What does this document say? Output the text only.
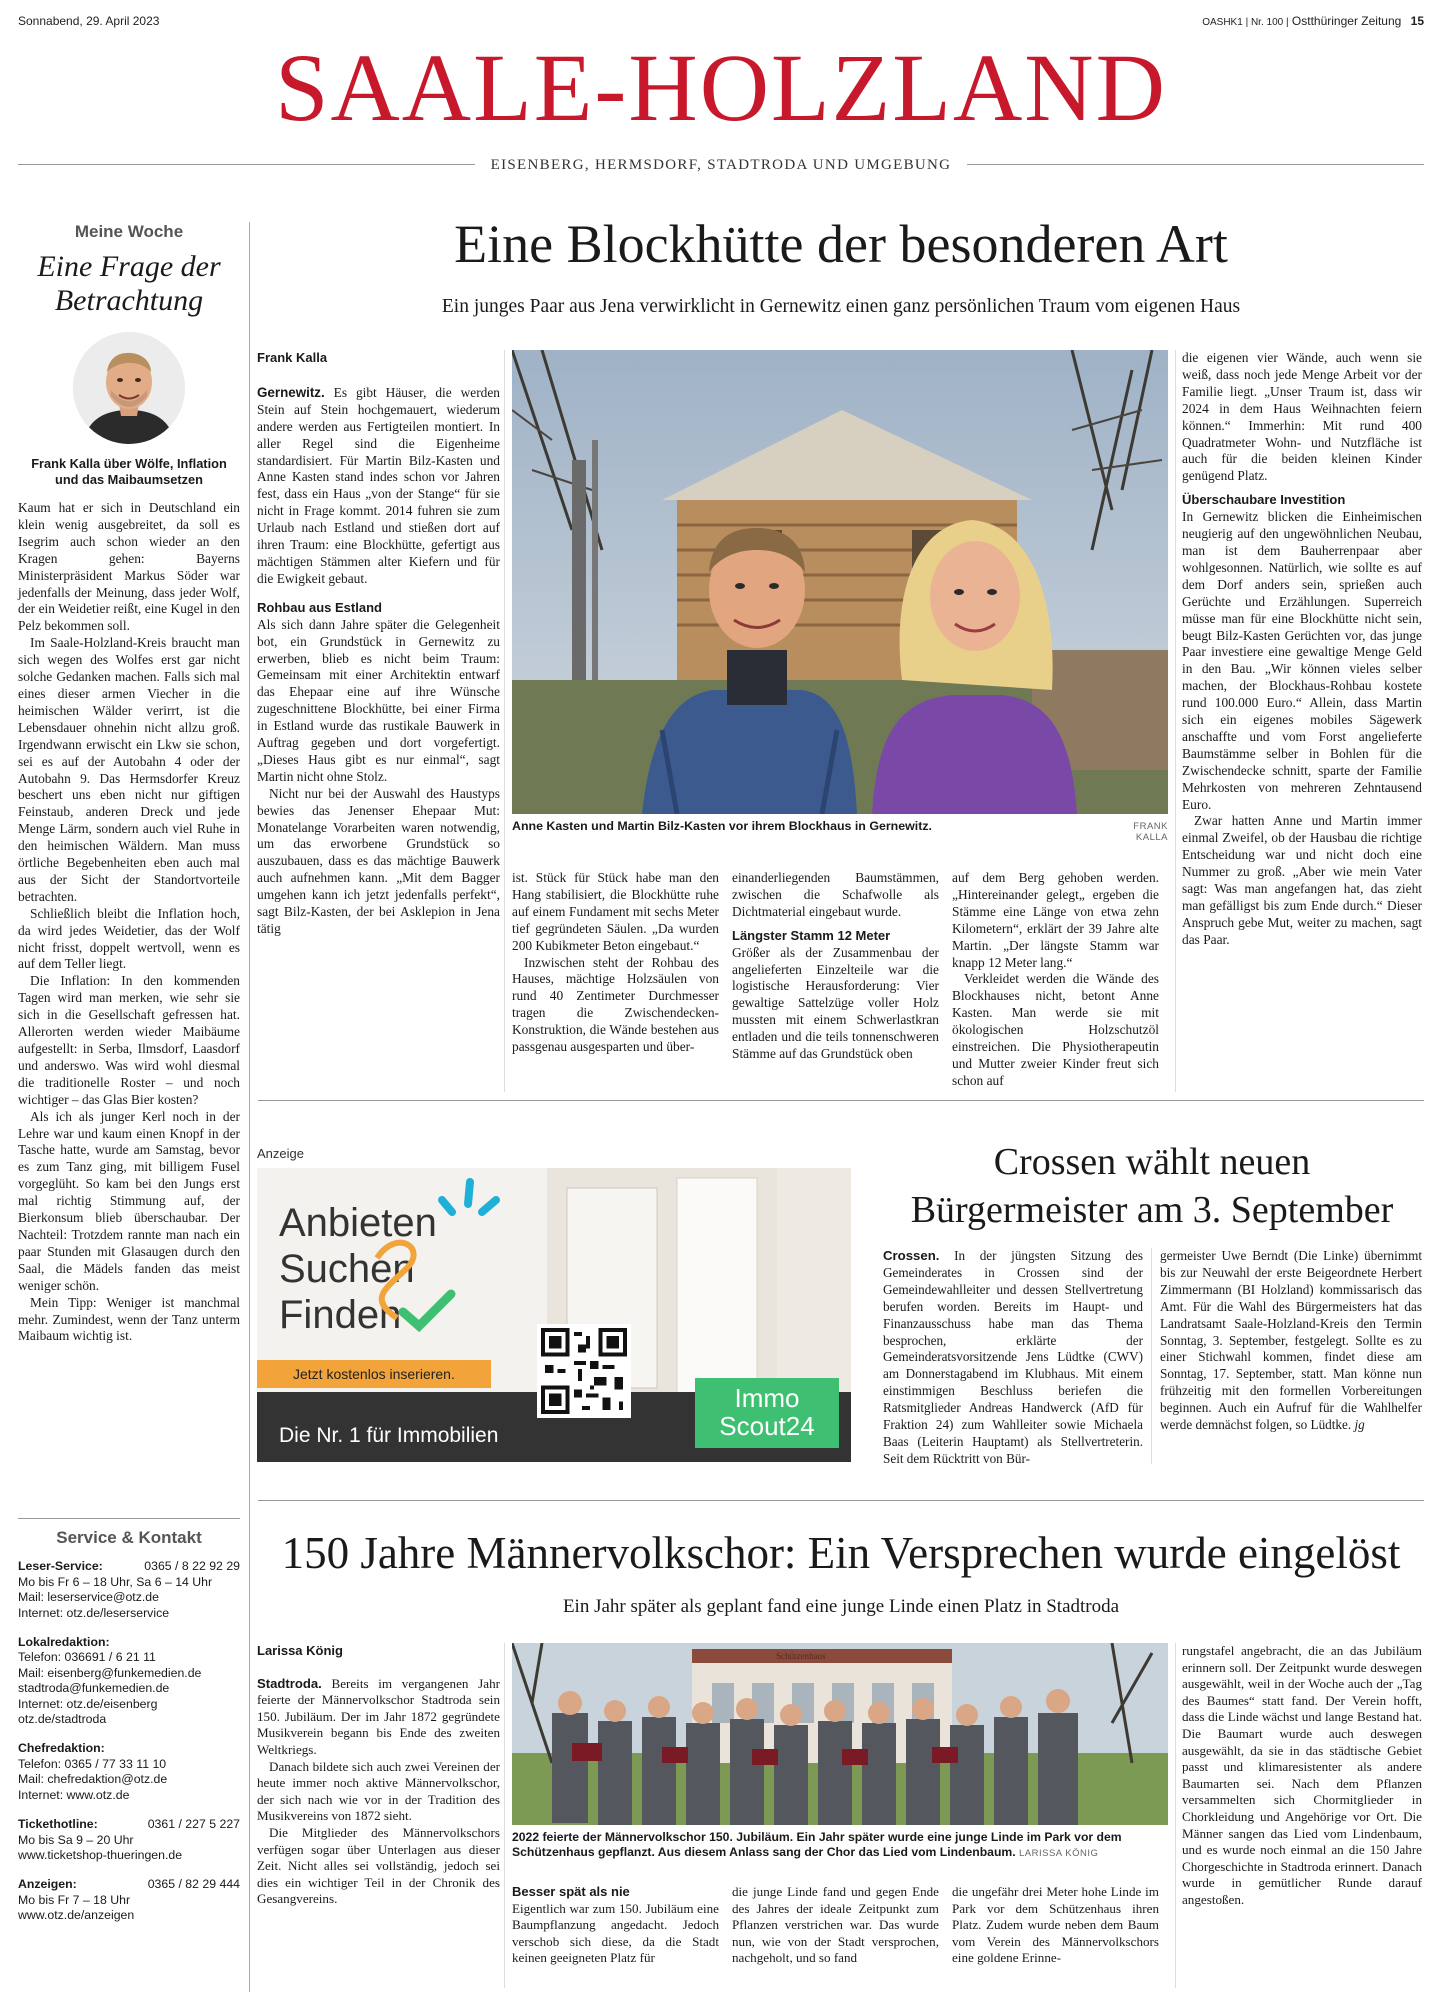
Sonnabend, 29. April 2023	OASHK1 | Nr. 100 | Ostthüringer Zeitung 15
SAALE-HOLZLAND
EISENBERG, HERMSDORF, STADTRODA UND UMGEBUNG
Meine Woche
Eine Frage der Betrachtung
Frank Kalla über Wölfe, Inflation und das Maibaumsetzen

Kaum hat er sich in Deutschland ein klein wenig ausgebreitet, da soll es Isegrim auch schon wieder an den Kragen gehen: Bayerns Ministerpräsident Markus Söder war jedenfalls der Meinung, dass jeder Wolf, der ein Weidetier reißt, eine Kugel in den Pelz bekommen soll.

Im Saale-Holzland-Kreis braucht man sich wegen des Wolfes erst gar nicht solche Gedanken machen. Falls sich mal eines dieser armen Viecher in die heimischen Wälder verirrt, ist die Lebensdauer ohnehin nicht allzu groß. Irgendwann erwischt ein Lkw sie schon, sei es auf der Autobahn 4 oder der Autobahn 9. Das Hermsdorfer Kreuz beschert uns eben nicht nur giftigen Feinstaub, anderen Dreck und jede Menge Lärm, sondern auch viel Ruhe in den heimischen Wäldern. Man muss örtliche Begebenheiten eben auch mal aus der Sicht der Standortvorteile betrachten.

Schließlich bleibt die Inflation hoch, da wird jedes Weidetier, das der Wolf nicht frisst, doppelt wertvoll, wenn es auf dem Teller liegt.

Die Inflation: In den kommenden Tagen wird man merken, wie sehr sie sich in die Gesellschaft gefressen hat. Allerorten werden wieder Maibäume aufgestellt: in Serba, Ilmsdorf, Laasdorf und anderswo. Was wird wohl diesmal die traditionelle Roster – und noch wichtiger – das Glas Bier kosten?

Als ich als junger Kerl noch in der Lehre war und kaum einen Knopf in der Tasche hatte, wurde am Samstag, bevor es zum Tanz ging, mit billigem Fusel vorgeglüht. So kam bei den Jungs erst mal richtig Stimmung auf, der Bierkonsum blieb überschaubar. Der Nachteil: Trotzdem rannte man nach ein paar Stunden mit Glasaugen durch den Saal, die Mädels fanden das meist weniger schön.

Mein Tipp: Weniger ist manchmal mehr. Zumindest, wenn der Tanz unterm Maibaum wichtig ist.

Service & Kontakt
Leser-Service:	0365 / 8 22 92 29
Mo bis Fr 6 – 18 Uhr, Sa 6 – 14 Uhr
Mail: leserservice@otz.de
Internet: otz.de/leserservice
Lokalredaktion:
Telefon: 036691 / 6 21 11
Mail: eisenberg@funkemedien.de
stadtroda@funkemedien.de
Internet: otz.de/eisenberg
otz.de/stadtroda
Chefredaktion:
Telefon: 0365 / 77 33 11 10
Mail: chefredaktion@otz.de
Internet: www.otz.de
Tickethotline:	0361 / 227 5 227
Mo bis Sa 9 – 20 Uhr
www.ticketshop-thueringen.de
Anzeigen:	0365 / 82 29 444
Mo bis Fr 7 – 18 Uhr
www.otz.de/anzeigen
Eine Blockhütte der besonderen Art
Ein junges Paar aus Jena verwirklicht in Gernewitz einen ganz persönlichen Traum vom eigenen Haus
Frank Kalla

Gernewitz. Es gibt Häuser, die werden Stein auf Stein hochgemauert, wiederum andere werden aus Fertigteilen montiert. In aller Regel sind die Eigenheime standardisiert. Für Martin Bilz-Kasten und Anne Kasten stand indes schon vor Jahren fest, dass ein Haus „von der Stange“ für sie nicht in Frage kommt. 2014 fuhren sie zum Urlaub nach Estland und stießen dort auf ihren Traum: eine Blockhütte, gefertigt aus mächtigen Stämmen alter Kiefern und für die Ewigkeit gebaut.

Rohbau aus Estland

Als sich dann Jahre später die Gelegenheit bot, ein Grundstück in Gernewitz zu erwerben, blieb es nicht beim Traum: Gemeinsam mit einer Architektin entwarf das Ehepaar eine auf ihre Wünsche zugeschnittene Blockhütte, bei einer Firma in Estland wurde das rustikale Bauwerk in Auftrag gegeben und dort vorgefertigt. „Dieses Haus gibt es nur einmal“, sagt Martin nicht ohne Stolz.

Nicht nur bei der Auswahl des Haustyps bewies das Jenenser Ehepaar Mut: Monatelange Vorarbeiten waren notwendig, um das erworbene Grundstück so auszubauen, dass es das mächtige Bauwerk auch aufnehmen kann. „Mit dem Bagger umgehen kann ich jetzt jedenfalls perfekt“, sagt Bilz-Kasten, der bei Asklepion in Jena tätig

Anne Kasten und Martin Bilz-Kasten vor ihrem Blockhaus in Gernewitz.	FRANK KALLA

ist. Stück für Stück habe man den Hang stabilisiert, die Blockhütte ruhe auf einem Fundament mit sechs Meter tief gegründeten Säulen. „Da wurden 200 Kubikmeter Beton eingebaut.“

Inzwischen steht der Rohbau des Hauses, mächtige Holzsäulen von rund 40 Zentimeter Durchmesser tragen die Zwischendecken-Konstruktion, die Wände bestehen aus passgenau ausgesparten und über-

einanderliegenden Baumstämmen, zwischen die Schafwolle als Dichtmaterial eingebaut wurde.

Längster Stamm 12 Meter

Größer als der Zusammenbau der angelieferten Einzelteile war die logistische Herausforderung: Vier gewaltige Sattelzüge voller Holz mussten mit einem Schwerlastkran entladen und die teils tonnenschweren Stämme auf das Grundstück oben

auf dem Berg gehoben werden. „Hintereinander gelegt„ ergeben die Stämme eine Länge von etwa zehn Kilometern“, erklärt der 39 Jahre alte Martin. „Der längste Stamm war knapp 12 Meter lang.“

Verkleidet werden die Wände des Blockhauses nicht, betont Anne Kasten. Man werde sie mit ökologischen Holzschutzöl einstreichen. Die Physiotherapeutin und Mutter zweier Kinder freut sich schon auf

die eigenen vier Wände, auch wenn sie weiß, dass noch jede Menge Arbeit vor der Familie liegt. „Unser Traum ist, dass wir 2024 in dem Haus Weihnachten feiern können.“ Immerhin: Mit rund 400 Quadratmeter Wohn- und Nutzfläche ist auch für die beiden kleinen Kinder genügend Platz.

Überschaubare Investition

In Gernewitz blicken die Einheimischen neugierig auf den ungewöhnlichen Neubau, man ist dem Bauherrenpaar aber wohlgesonnen. Natürlich, wie sollte es auf dem Dorf anders sein, sprießen auch Gerüchte und Erzählungen. Superreich müsse man für eine Blockhütte nicht sein, beugt Bilz-Kasten Gerüchten vor, das junge Paar investiere eine gewaltige Menge Geld in den Bau. „Wir können vieles selber machen, der Blockhaus-Rohbau kostete rund 100.000 Euro.“ Allein, dass Martin sich ein eigenes mobiles Sägewerk anschaffte und vom Forst angelieferte Baumstämme selber in Bohlen für die Zwischendecke schnitt, sparte der Familie Mehrkosten von mehreren Zehntausend Euro.

Zwar hatten Anne und Martin immer einmal Zweifel, ob der Hausbau die richtige Entscheidung war und nicht doch eine Nummer zu groß. „Aber wie mein Vater sagt: Was man angefangen hat, das zieht man gefälligst bis zum Ende durch.“ Dieser Anspruch gebe Mut, weiter zu machen, sagt das Paar.

Anzeige
Anbieten
Suchen
Finden
Jetzt kostenlos inserieren.
Die Nr. 1 für Immobilien
Immo
Scout24
Crossen wählt neuen
Bürgermeister am 3. September

Crossen. In der jüngsten Sitzung des Gemeinderates in Crossen sind der Gemeindewahlleiter und dessen Stellvertretung berufen worden. Bereits im Haupt- und Finanzausschuss habe man das Thema besprochen, erklärte der Gemeinderatsvorsitzende Jens Lüdtke (CWV) am Donnerstagabend im Klubhaus. Mit einem einstimmigen Beschluss beriefen die Ratsmitglieder Andreas Handwerck (AfD für Fraktion 24) zum Wahlleiter sowie Michaela Baas (Leiterin Hauptamt) als Stellvertreterin. Seit dem Rücktritt von Bür-

germeister Uwe Berndt (Die Linke) übernimmt bis zur Neuwahl der erste Beigeordnete Herbert Zimmermann (BI Holzland) kommissarisch das Amt. Für die Wahl des Bürgermeisters hat das Landratsamt Saale-Holzland-Kreis den Termin Sonntag, 3. September, festgelegt. Sollte es zu einer Stichwahl kommen, findet diese am Sonntag, 17. September, statt. Man könne nun frühzeitig mit den formellen Vorbereitungen beginnen. Auch ein Aufruf für die Wahlhelfer werde demnächst folgen, so Lüdtke. jg

150 Jahre Männervolkschor: Ein Versprechen wurde eingelöst
Ein Jahr später als geplant fand eine junge Linde einen Platz in Stadtroda
Larissa König

Stadtroda. Bereits im vergangenen Jahr feierte der Männervolkschor Stadtroda sein 150. Jubiläum. Der im Jahr 1872 gegründete Musikverein begann bis Ende des zweiten Weltkriegs.

Danach bildete sich auch zwei Vereinen der heute immer noch aktive Männervolkschor, der sich nach wie vor in der Tradition des Musikvereins von 1872 sieht.

Die Mitglieder des Männervolkschors verfügen sogar über Unterlagen aus dieser Zeit. Nicht alles sei vollständig, jedoch sei dies ein wichtiger Teil in der Chronik des Gesangvereins.

Schützenhaus
2022 feierte der Männervolkschor 150. Jubiläum. Ein Jahr später wurde eine junge Linde im Park vor dem Schützenhaus gepflanzt. Aus diesem Anlass sang der Chor das Lied vom Lindenbaum. LARISSA KÖNIG
Besser spät als nie

Eigentlich war zum 150. Jubiläum eine Baumpflanzung angedacht. Jedoch verschob sich diese, da die Stadt keinen geeigneten Platz für

die junge Linde fand und gegen Ende des Jahres der ideale Zeitpunkt zum Pflanzen verstrichen war. Das wurde nun, wie von der Stadt versprochen, nachgeholt, und so fand

die ungefähr drei Meter hohe Linde im Park vor dem Schützenhaus ihren Platz. Zudem wurde neben dem Baum vom Verein des Männervolkschors eine goldene Erinne-

rungstafel angebracht, die an das Jubiläum erinnern soll. Der Zeitpunkt wurde deswegen ausgewählt, weil in der Woche auch der „Tag des Baumes“ statt fand. Der Verein hofft, dass die Linde wächst und lange Bestand hat. Die Baumart wurde auch deswegen ausgewählt, da sie in das städtische Gebiet passt und klimaresistenter als andere Baumarten sei. Nach dem Pflanzen versammelten sich Chormitglieder in Chorkleidung und Angehörige vor Ort. Die Männer sangen das Lied vom Lindenbaum, und es wurde noch einmal an die 150 Jahre Chorgeschichte in Stadtroda erinnert. Danach wurde in gemütlicher Runde darauf angestoßen.
